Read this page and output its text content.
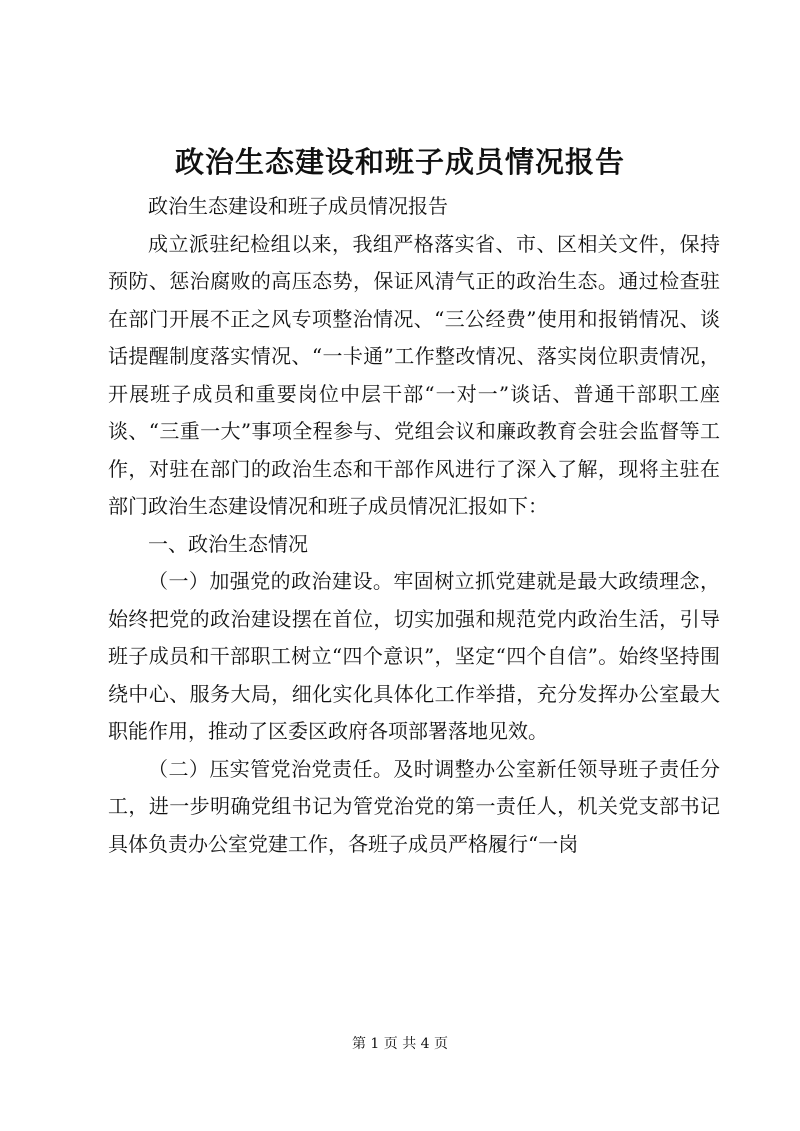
政治生态建设和班子成员情况报告

政治生态建设和班子成员情况报告

成立派驻纪检组以来，我组严格落实省、市、区相关文件，保持预防、惩治腐败的高压态势，保证风清气正的政治生态。通过检查驻在部门开展不正之风专项整治情况、“三公经费”使用和报销情况、谈话提醒制度落实情况、“一卡通”工作整改情况、落实岗位职责情况，开展班子成员和重要岗位中层干部“一对一”谈话、普通干部职工座谈、“三重一大”事项全程参与、党组会议和廉政教育会驻会监督等工作，对驻在部门的政治生态和干部作风进行了深入了解，现将主驻在部门政治生态建设情况和班子成员情况汇报如下：

一、政治生态情况

（一）加强党的政治建设。牢固树立抓党建就是最大政绩理念，始终把党的政治建设摆在首位，切实加强和规范党内政治生活，引导班子成员和干部职工树立“四个意识”，坚定“四个自信”。始终坚持围绕中心、服务大局，细化实化具体化工作举措，充分发挥办公室最大职能作用，推动了区委区政府各项部署落地见效。

（二）压实管党治党责任。及时调整办公室新任领导班子责任分工，进一步明确党组书记为管党治党的第一责任人，机关党支部书记具体负责办公室党建工作，各班子成员严格履行“一岗

第 1 页 共 4 页
